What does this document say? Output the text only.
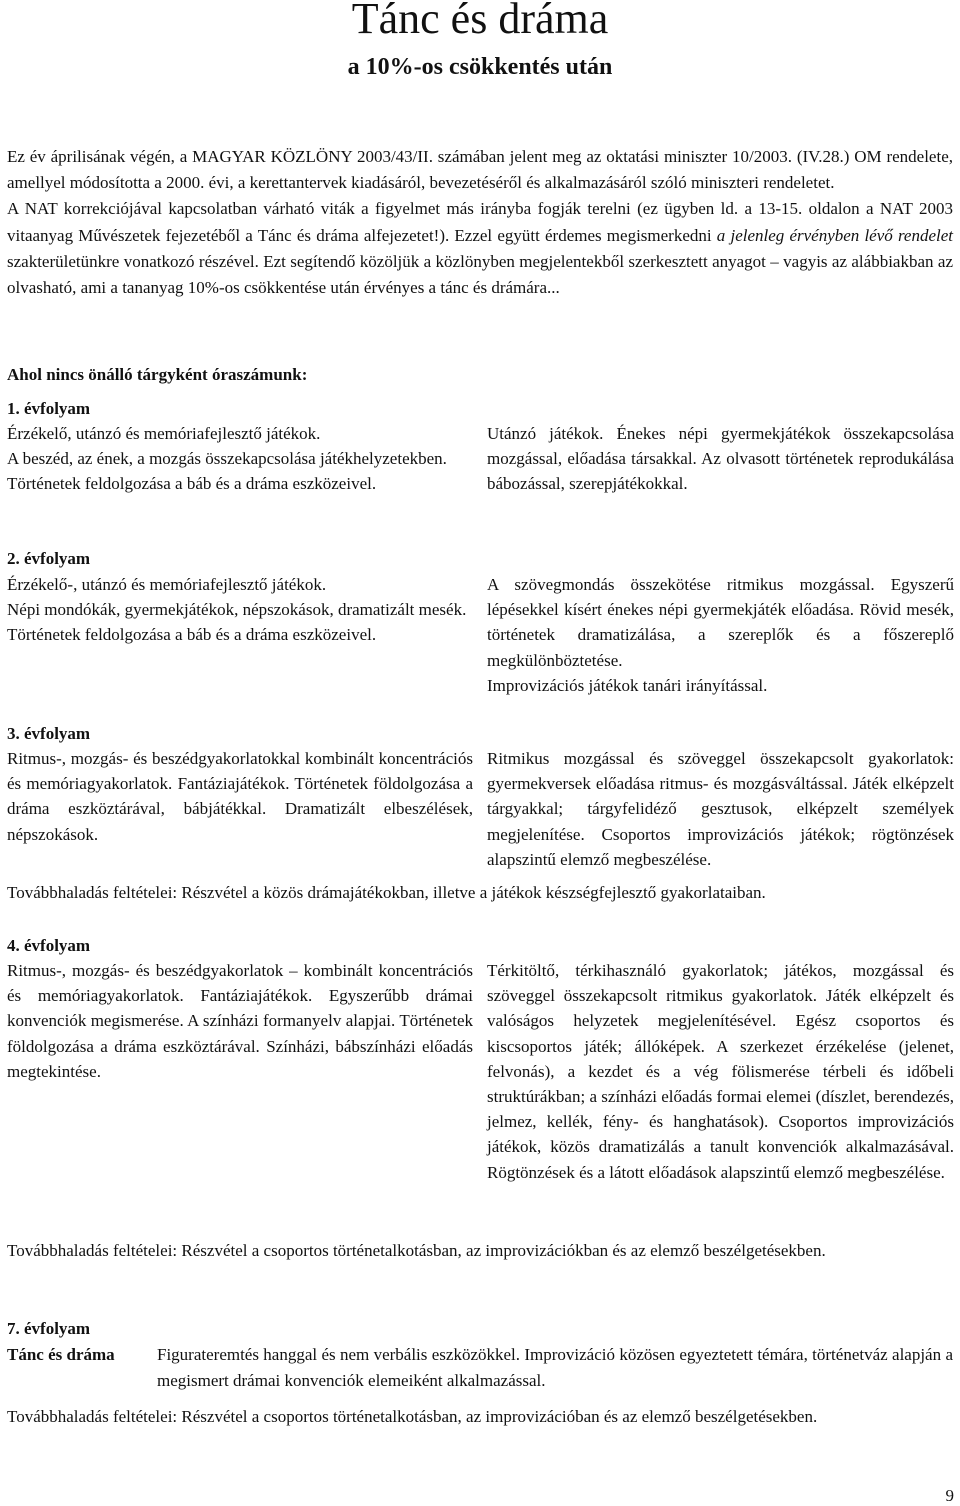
Tánc és dráma
a 10%-os csökkentés után
Ez év áprilisának végén, a MAGYAR KÖZLÖNY 2003/43/II. számában jelent meg az oktatási miniszter 10/2003. (IV.28.) OM rendelete, amellyel módosította a 2000. évi, a kerettantervek kiadásáról, bevezetéséről és alkalmazásáról szóló miniszteri rendeletet.
A NAT korrekciójával kapcsolatban várható viták a figyelmet más irányba fogják terelni (ez ügyben ld. a 13-15. oldalon a NAT 2003 vitaanyag Művészetek fejezetéből a Tánc és dráma alfejezetet!). Ezzel együtt érdemes megismerkedni a jelenleg érvényben lévő rendelet szakterületünkre vonatkozó részével. Ezt segítendő közöljük a közlönyben megjelentekből szerkesztett anyagot – vagyis az alábbiakban az olvasható, ami a tananyag 10%-os csökkentése után érvényes a tánc és drámára...
Ahol nincs önálló tárgyként óraszámunk:
1. évfolyam

Érzékelő, utánzó és memóriafejlesztő játékok.

A beszéd, az ének, a mozgás összekapcsolása játékhelyzetekben.

Történetek feldolgozása a báb és a dráma eszközeivel.

Utánzó játékok. Énekes népi gyermekjátékok összekapcsolása mozgással, előadása társakkal. Az olvasott történetek reprodukálása bábozással, szerepjátékokkal.

2. évfolyam

Érzékelő-, utánzó és memóriafejlesztő játékok.

Népi mondókák, gyermekjátékok, népszokások, dramatizált mesék.

Történetek feldolgozása a báb és a dráma eszközeivel.

A szövegmondás összekötése ritmikus mozgással. Egyszerű lépésekkel kísért énekes népi gyermekjáték előadása. Rövid mesék, történetek dramatizálása, a szereplők és a főszereplő megkülönböztetése.

Improvizációs játékok tanári irányítással.

3. évfolyam

Ritmus-, mozgás- és beszédgyakorlatokkal kombinált koncentrációs és memóriagyakorlatok. Fantáziajátékok. Történetek földolgozása a dráma eszköztárával, bábjátékkal. Dramatizált elbeszélések, népszokások.

Ritmikus mozgással és szöveggel összekapcsolt gyakorlatok: gyermekversek előadása ritmus- és mozgásváltással. Játék elképzelt tárgyakkal; tárgyfelidéző gesztusok, elképzelt személyek megjelenítése. Csoportos improvizációs játékok; rögtönzések alapszintű elemző megbeszélése.

Továbbhaladás feltételei: Részvétel a közös drámajátékokban, illetve a játékok készségfejlesztő gyakorlataiban.

4. évfolyam

Ritmus-, mozgás- és beszédgyakorlatok – kombinált koncentrációs és memóriagyakorlatok. Fantáziajátékok. Egyszerűbb drámai konvenciók megismerése. A színházi formanyelv alapjai. Történetek földolgozása a dráma eszköztárával. Színházi, bábszínházi előadás megtekintése.

Térkitöltő, térkihasználó gyakorlatok; játékos, mozgással és szöveggel összekapcsolt ritmikus gyakorlatok. Játék elképzelt és valóságos helyzetek megjelenítésével. Egész csoportos és kiscsoportos játék; állóképek. A szerkezet érzékelése (jelenet, felvonás), a kezdet és a vég fölismerése térbeli és időbeli struktúrákban; a színházi előadás formai elemei (díszlet, berendezés, jelmez, kellék, fény- és hanghatások). Csoportos improvizációs játékok, közös dramatizálás a tanult konvenciók alkalmazásával. Rögtönzések és a látott előadások alapszintű elemző megbeszélése.

Továbbhaladás feltételei: Részvétel a csoportos történetalkotásban, az improvizációkban és az elemző beszélgetésekben.

7. évfolyam
Tánc és dráma Figurateremtés hanggal és nem verbális eszközökkel. Improvizáció közösen egyeztetett témára, történetváz alapján a megismert drámai konvenciók elemeiként alkalmazással.

Továbbhaladás feltételei: Részvétel a csoportos történetalkotásban, az improvizációban és az elemző beszélgetésekben.

9
